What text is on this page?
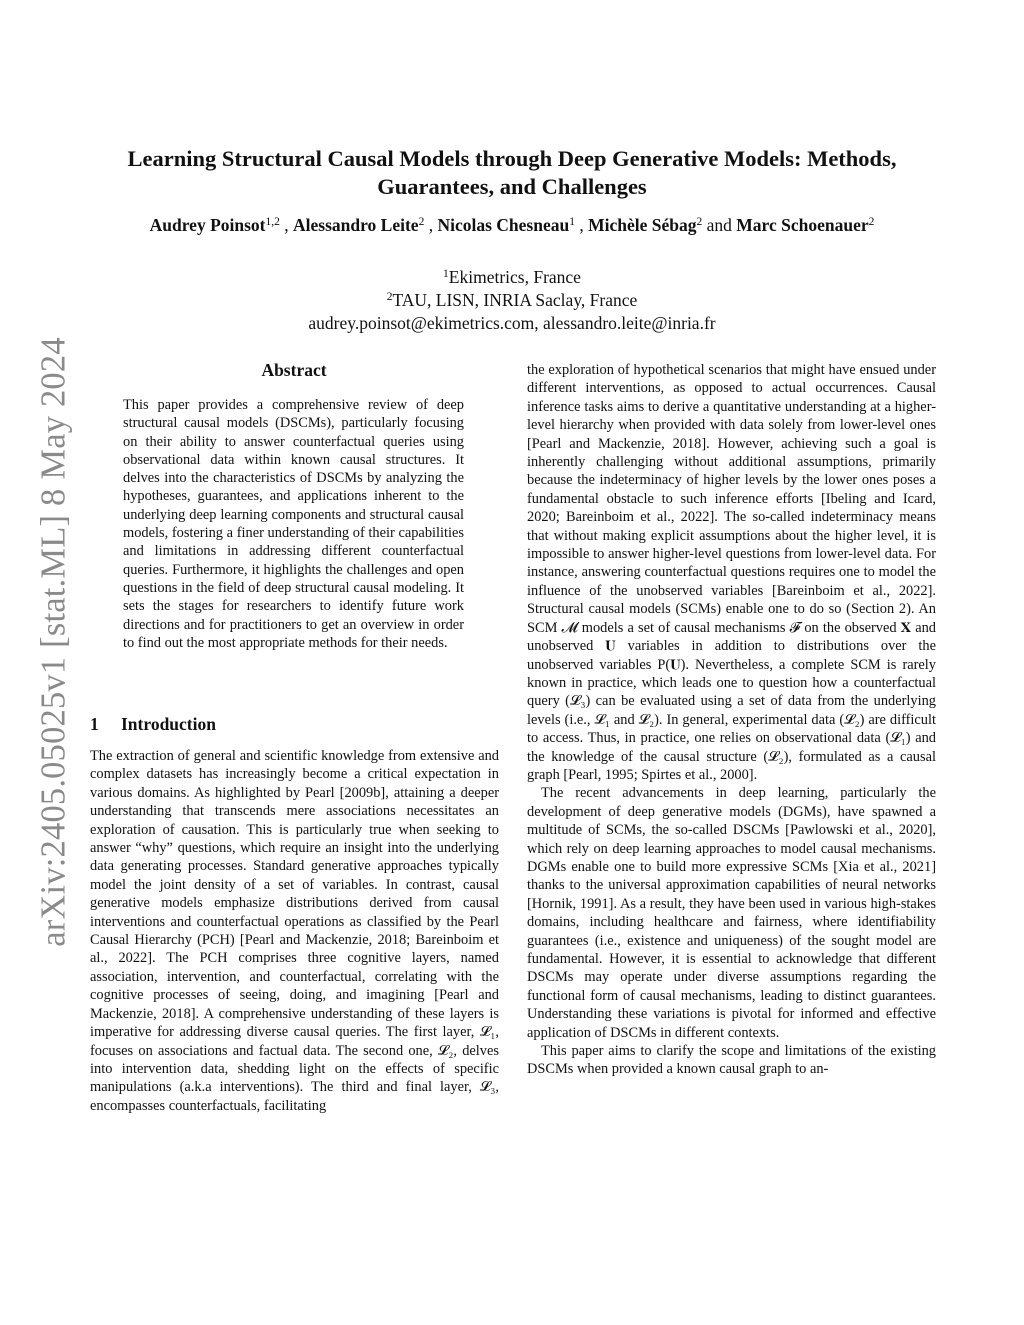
arXiv:2405.05025v1 [stat.ML] 8 May 2024
Learning Structural Causal Models through Deep Generative Models: Methods, Guarantees, and Challenges
Audrey Poinsot$^{1,2}$ , Alessandro Leite$^2$ , Nicolas Chesneau$^1$ , Michèle Sébag$^2$ and Marc Schoenauer$^2$
$^1$Ekimetrics, France
$^2$TAU, LISN, INRIA Saclay, France
audrey.poinsot@ekimetrics.com, alessandro.leite@inria.fr
Abstract
This paper provides a comprehensive review of deep structural causal models (DSCMs), particularly focusing on their ability to answer counterfactual queries using observational data within known causal structures. It delves into the characteristics of DSCMs by analyzing the hypotheses, guarantees, and applications inherent to the underlying deep learning components and structural causal models, fostering a finer understanding of their capabilities and limitations in addressing different counterfactual queries. Furthermore, it highlights the challenges and open questions in the field of deep structural causal modeling. It sets the stages for researchers to identify future work directions and for practitioners to get an overview in order to find out the most appropriate methods for their needs.
1 Introduction

The extraction of general and scientific knowledge from extensive and complex datasets has increasingly become a critical expectation in various domains. As highlighted by Pearl [2009b], attaining a deeper understanding that transcends mere associations necessitates an exploration of causation. This is particularly true when seeking to answer “why” questions, which require an insight into the underlying data generating processes. Standard generative approaches typically model the joint density of a set of variables. In contrast, causal generative models emphasize distributions derived from causal interventions and counterfactual operations as classified by the Pearl Causal Hierarchy (PCH) [Pearl and Mackenzie, 2018; Bareinboim et al., 2022]. The PCH comprises three cognitive layers, named association, intervention, and counterfactual, correlating with the cognitive processes of seeing, doing, and imagining [Pearl and Mackenzie, 2018]. A comprehensive understanding of these layers is imperative for addressing diverse causal queries. The first layer, 𝓛₁, focuses on associations and factual data. The second one, 𝓛₂, delves into intervention data, shedding light on the effects of specific manipulations (a.k.a interventions). The third and final layer, 𝓛₃, encompasses counterfactuals, facilitating

the exploration of hypothetical scenarios that might have ensued under different interventions, as opposed to actual occurrences. Causal inference tasks aims to derive a quantitative understanding at a higher-level hierarchy when provided with data solely from lower-level ones [Pearl and Mackenzie, 2018]. However, achieving such a goal is inherently challenging without additional assumptions, primarily because the indeterminacy of higher levels by the lower ones poses a fundamental obstacle to such inference efforts [Ibeling and Icard, 2020; Bareinboim et al., 2022]. The so-called indeterminacy means that without making explicit assumptions about the higher level, it is impossible to answer higher-level questions from lower-level data. For instance, answering counterfactual questions requires one to model the influence of the unobserved variables [Bareinboim et al., 2022]. Structural causal models (SCMs) enable one to do so (Section 2). An SCM 𝓜 models a set of causal mechanisms 𝓕 on the observed 𝐗 and unobserved 𝐔 variables in addition to distributions over the unobserved variables P(𝐔). Nevertheless, a complete SCM is rarely known in practice, which leads one to question how a counterfactual query (𝓛₃) can be evaluated using a set of data from the underlying levels (i.e., 𝓛₁ and 𝓛₂). In general, experimental data (𝓛₂) are difficult to access. Thus, in practice, one relies on observational data (𝓛₁) and the knowledge of the causal structure (𝓛₂), formulated as a causal graph [Pearl, 1995; Spirtes et al., 2000].

The recent advancements in deep learning, particularly the development of deep generative models (DGMs), have spawned a multitude of SCMs, the so-called DSCMs [Pawlowski et al., 2020], which rely on deep learning approaches to model causal mechanisms. DGMs enable one to build more expressive SCMs [Xia et al., 2021] thanks to the universal approximation capabilities of neural networks [Hornik, 1991]. As a result, they have been used in various high-stakes domains, including healthcare and fairness, where identifiability guarantees (i.e., existence and uniqueness) of the sought model are fundamental. However, it is essential to acknowledge that different DSCMs may operate under diverse assumptions regarding the functional form of causal mechanisms, leading to distinct guarantees. Understanding these variations is pivotal for informed and effective application of DSCMs in different contexts.

This paper aims to clarify the scope and limitations of the existing DSCMs when provided a known causal graph to an-
